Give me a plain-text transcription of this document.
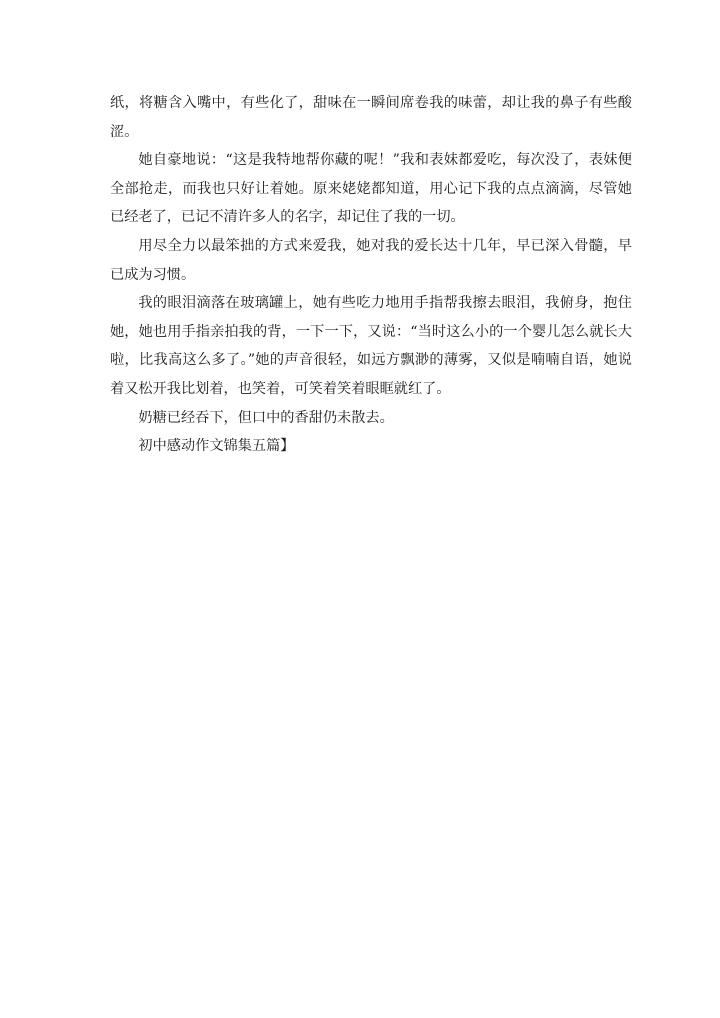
纸，将糖含入嘴中，有些化了，甜味在一瞬间席卷我的味蕾，却让我的鼻子有些酸涩。

她自豪地说：“这是我特地帮你藏的呢！”我和表妹都爱吃，每次没了，表妹便全部抢走，而我也只好让着她。原来姥姥都知道，用心记下我的点点滴滴，尽管她已经老了，已记不清许多人的名字，却记住了我的一切。

用尽全力以最笨拙的方式来爱我，她对我的爱长达十几年，早已深入骨髓，早已成为习惯。

我的眼泪滴落在玻璃罐上，她有些吃力地用手指帮我擦去眼泪，我俯身，抱住她，她也用手指亲拍我的背，一下一下，又说：“当时这么小的一个婴儿怎么就长大啦，比我高这么多了。”她的声音很轻，如远方飘渺的薄雾，又似是喃喃自语，她说着又松开我比划着，也笑着，可笑着笑着眼眶就红了。

奶糖已经吞下，但口中的香甜仍未散去。

初中感动作文锦集五篇】
